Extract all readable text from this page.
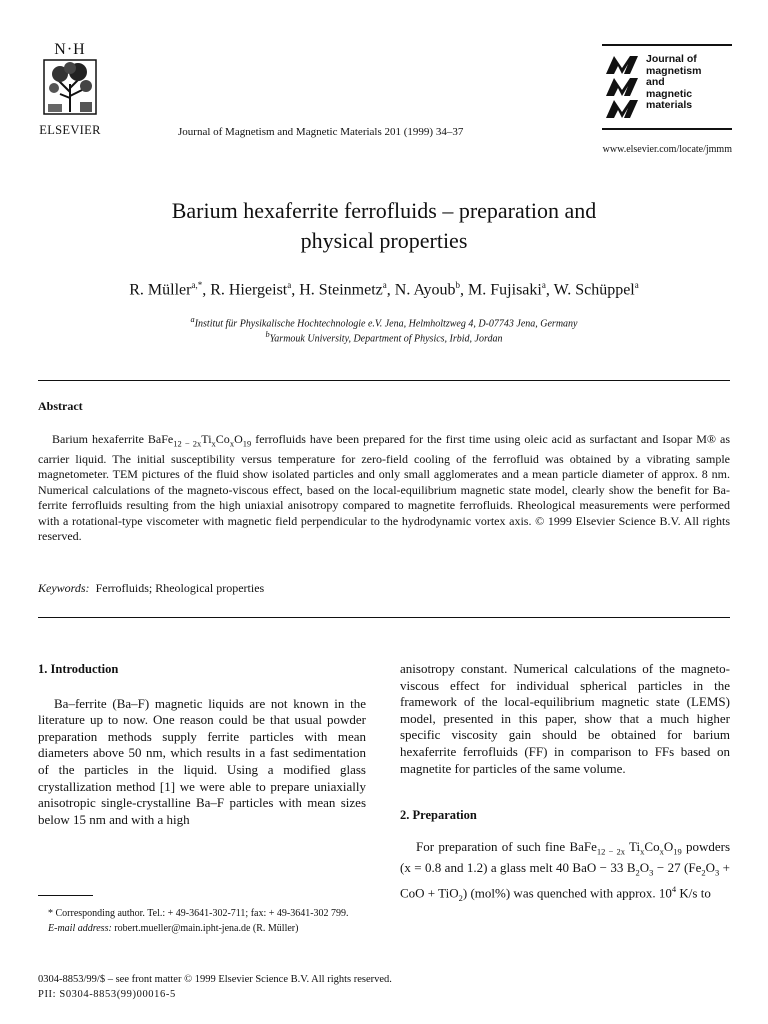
N·H
ELSEVIER	Journal of Magnetism and Magnetic Materials 201 (1999) 34–37
Journal of
magnetism
and
magnetic
materials
www.elsevier.com/locate/jmmm
Barium hexaferrite ferrofluids – preparation and
physical properties
R. Müller$^{a,*}$, R. Hiergeist$^a$, H. Steinmetz$^a$, N. Ayoub$^b$, M. Fujisaki$^a$, W. Schüppel$^a$
$^a$Institut für Physikalische Hochtechnologie e.V. Jena, Helmholtzweg 4, D-07743 Jena, Germany
$^b$Yarmouk University, Department of Physics, Irbid, Jordan
Abstract
Barium hexaferrite $BaFe_{12 - 2x}Ti_xCo_xO_{19}$ ferrofluids have been prepared for the first time using oleic acid as surfactant and Isopar M® as carrier liquid. The initial susceptibility versus temperature for zero-field cooling of the ferrofluid was obtained by a vibrating sample magnetometer. TEM pictures of the fluid show isolated particles and only small agglomerates and a mean particle diameter of approx. 8 nm. Numerical calculations of the magneto-viscous effect, based on the local-equilibrium magnetic state model, clearly show the benefit for Ba-ferrite ferrofluids resulting from the high uniaxial anisotropy compared to magnetite ferrofluids. Rheological measurements were performed with a rotational-type viscometer with magnetic field perpendicular to the hydrodynamic vortex axis. © 1999 Elsevier Science B.V. All rights reserved.
Keywords: Ferrofluids; Rheological properties
1. Introduction

Ba–ferrite (Ba–F) magnetic liquids are not known in the literature up to now. One reason could be that usual powder preparation methods supply ferrite particles with mean diameters above 50 nm, which results in a fast sedimentation of the particles in the liquid. Using a modified glass crystallization method [1] we were able to prepare uniaxially anisotropic single-crystalline Ba–F particles with mean sizes below 15 nm and with a high

* Corresponding author. Tel.: + 49-3641-302-711; fax: + 49-3641-302 799.
E-mail address: robert.mueller@main.ipht-jena.de (R. Müller)

anisotropy constant. Numerical calculations of the magneto-viscous effect for individual spherical particles in the framework of the local-equilibrium magnetic state (LEMS) model, presented in this paper, show that a much higher specific viscosity gain should be obtained for barium hexaferrite ferrofluids (FF) in comparison to FFs based on magnetite for particles of the same volume.

2. Preparation

For preparation of such fine BaFe$_{12 - 2x}$ $Ti_xCo_xO_{19}$ powders (x = 0.8 and 1.2) a glass melt 40 BaO − 33 $B_2O_3 - 27$ ($Fe_2O_3$ + CoO + TiO$_2$) (mol%) was quenched with approx. $10^4$ K/s to

0304-8853/99/$ – see front matter © 1999 Elsevier Science B.V. All rights reserved.
PII: S0304-8853(99)00016-5
